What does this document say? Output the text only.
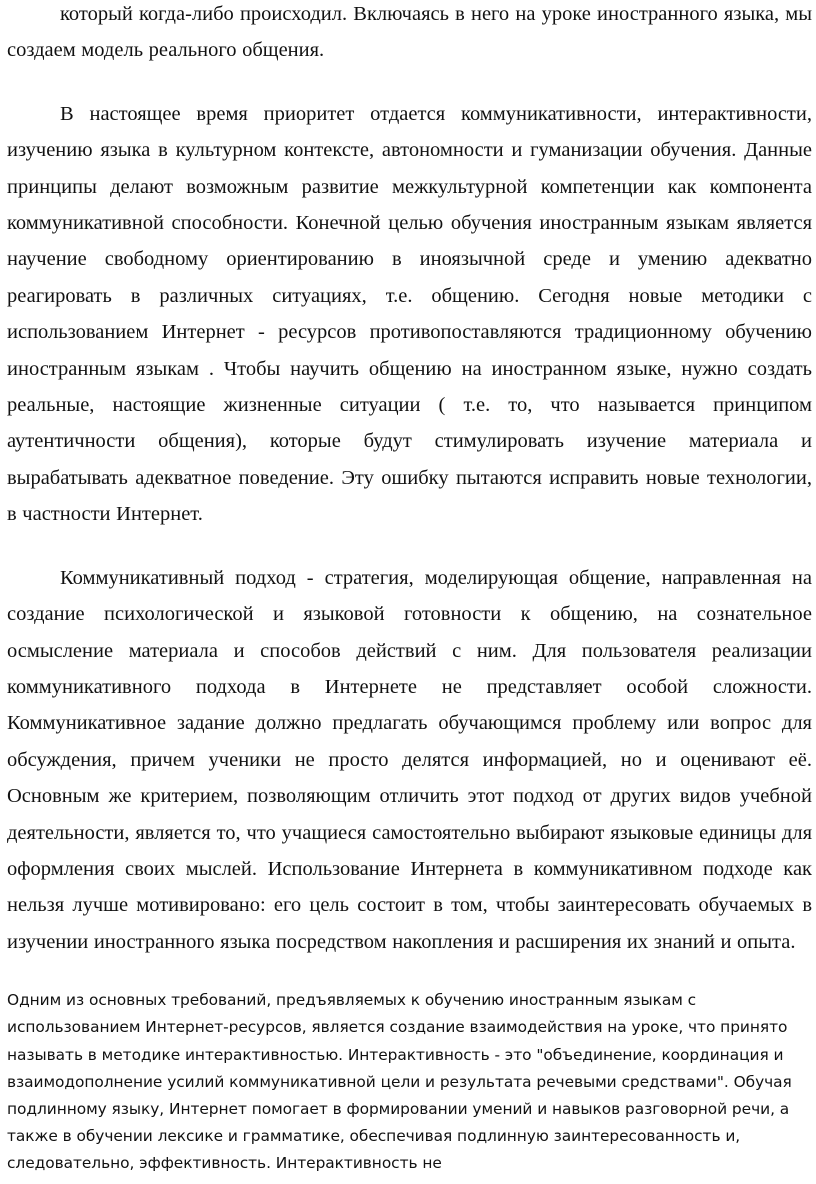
который когда-либо происходил. Включаясь в него на уроке иностранного языка, мы создаем модель реального общения.

В настоящее время приоритет отдается коммуникативности, интерактивности, изучению языка в культурном контексте, автономности и гуманизации обучения. Данные принципы делают возможным развитие межкультурной компетенции как компонента коммуникативной способности. Конечной целью обучения иностранным языкам является научение свободному ориентированию в иноязычной среде и умению адекватно реагировать в различных ситуациях, т.е. общению. Сегодня новые методики с использованием Интернет - ресурсов противопоставляются традиционному обучению иностранным языкам . Чтобы научить общению на иностранном языке, нужно создать реальные, настоящие жизненные ситуации ( т.е. то, что называется принципом аутентичности общения), которые будут стимулировать изучение материала и вырабатывать адекватное поведение. Эту ошибку пытаются исправить новые технологии, в частности Интернет.

Коммуникативный подход - стратегия, моделирующая общение, направленная на создание психологической и языковой готовности к общению, на сознательное осмысление материала и способов действий с ним. Для пользователя реализации коммуникативного подхода в Интернете не представляет особой сложности. Коммуникативное задание должно предлагать обучающимся проблему или вопрос для обсуждения, причем ученики не просто делятся информацией, но и оценивают её. Основным же критерием, позволяющим отличить этот подход от других видов учебной деятельности, является то, что учащиеся самостоятельно выбирают языковые единицы для оформления своих мыслей. Использование Интернета в коммуникативном подходе как нельзя лучше мотивировано: его цель состоит в том, чтобы заинтересовать обучаемых в изучении иностранного языка посредством накопления и расширения их знаний и опыта.

Одним из основных требований, предъявляемых к обучению иностранным языкам с использованием Интернет-ресурсов, является создание взаимодействия на уроке, что принято называть в методике интерактивностью. Интерактивность - это "объединение, координация и взаимодополнение усилий коммуникативной цели и результата речевыми средствами". Обучая подлинному языку, Интернет помогает в формировании умений и навыков разговорной речи, а также в обучении лексике и грамматике, обеспечивая подлинную заинтересованность и, следовательно, эффективность. Интерактивность не
